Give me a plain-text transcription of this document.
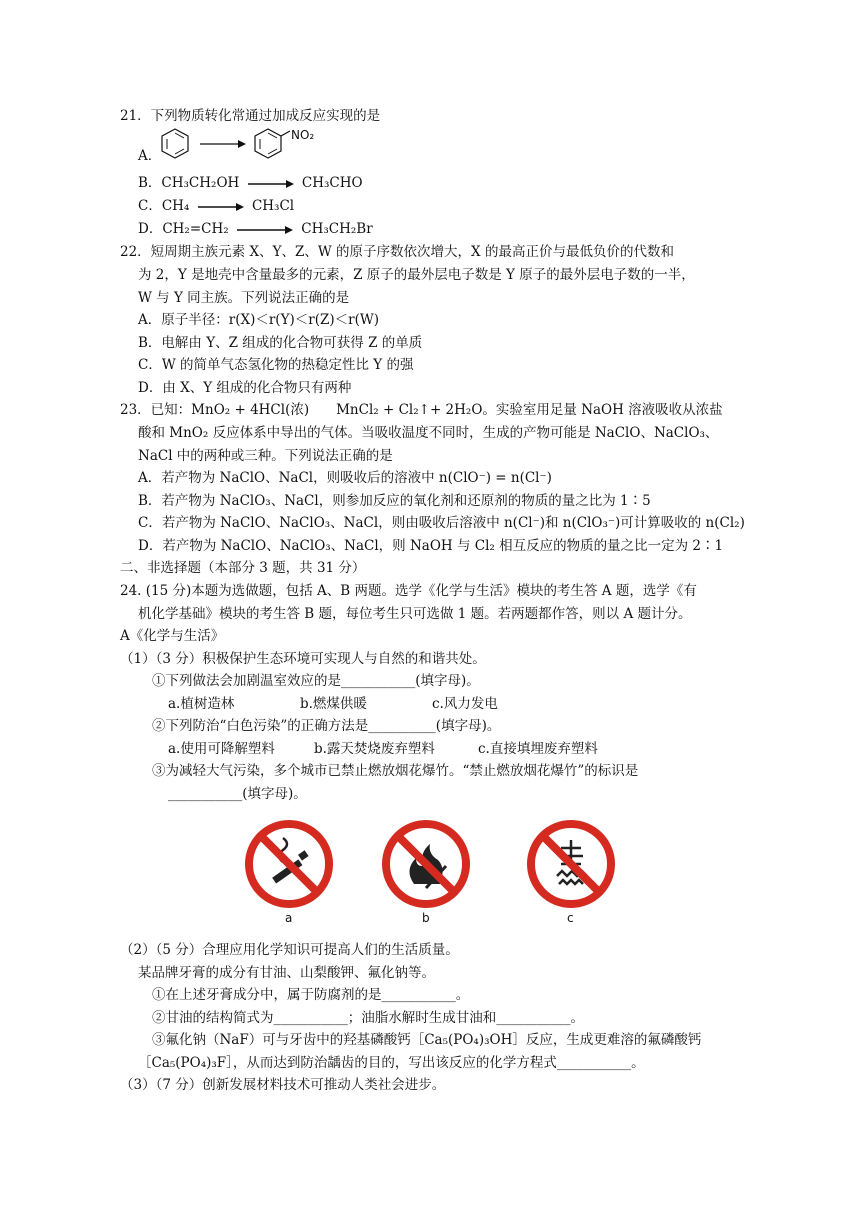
21．下列物质转化常通过加成反应实现的是
A．
NO₂
B．CH₃CH₂OH → CH₃CHO
C．CH₄ → CH₃Cl
D．CH₂=CH₂	CH₃CH₂Br
22．短周期主族元素 X、Y、Z、W 的原子序数依次增大，X 的最高正价与最低负价的代数和
为 2，Y 是地壳中含量最多的元素，Z 原子的最外层电子数是 Y 原子的最外层电子数的一半，
W 与 Y 同主族。下列说法正确的是
A．原子半径：r(X)＜r(Y)＜r(Z)＜r(W)
B．电解由 Y、Z 组成的化合物可获得 Z 的单质
C．W 的简单气态氢化物的热稳定性比 Y 的强
D．由 X、Y 组成的化合物只有两种
23．已知：MnO₂ + 4HCl(浓)　　MnCl₂ + Cl₂↑+ 2H₂O。实验室用足量 NaOH 溶液吸收从浓盐
酸和 MnO₂ 反应体系中导出的气体。当吸收温度不同时，生成的产物可能是 NaClO、NaClO₃、
NaCl 中的两种或三种。下列说法正确的是
A．若产物为 NaClO、NaCl，则吸收后的溶液中 n(ClO⁻) = n(Cl⁻)
B．若产物为 NaClO₃、NaCl，则参加反应的氧化剂和还原剂的物质的量之比为 1∶5
C．若产物为 NaClO、NaClO₃、NaCl，则由吸收后溶液中 n(Cl⁻)和 n(ClO₃⁻)可计算吸收的 n(Cl₂)
D．若产物为 NaClO、NaClO₃、NaCl，则 NaOH 与 Cl₂ 相互反应的物质的量之比一定为 2∶1
二、非选择题（本部分 3 题，共 31 分）
24. (15 分)本题为选做题，包括 A、B 两题。选学《化学与生活》模块的考生答 A 题，选学《有
机化学基础》模块的考生答 B 题，每位考生只可选做 1 题。若两题都作答，则以 A 题计分。
A《化学与生活》
（1）（3 分）积极保护生态环境可实现人与自然的和谐共处。
①下列做法会加剧温室效应的是___________(填字母)。
a.植树造林	b.燃煤供暖	c.风力发电
②下列防治“白色污染”的正确方法是__________(填字母)。
a.使用可降解塑料	b.露天焚烧废弃塑料	c.直接填埋废弃塑料
③为减轻大气污染，多个城市已禁止燃放烟花爆竹。“禁止燃放烟花爆竹”的标识是
___________(填字母)。
a	b	c
（2）（5 分）合理应用化学知识可提高人们的生活质量。
某品牌牙膏的成分有甘油、山梨酸钾、氟化钠等。
①在上述牙膏成分中，属于防腐剂的是___________。
②甘油的结构简式为___________；油脂水解时生成甘油和___________。
③氟化钠（NaF）可与牙齿中的羟基磷酸钙［Ca₅(PO₄)₃OH］反应，生成更难溶的氟磷酸钙
［Ca₅(PO₄)₃F］，从而达到防治龋齿的目的，写出该反应的化学方程式___________。
（3）（7 分）创新发展材料技术可推动人类社会进步。
